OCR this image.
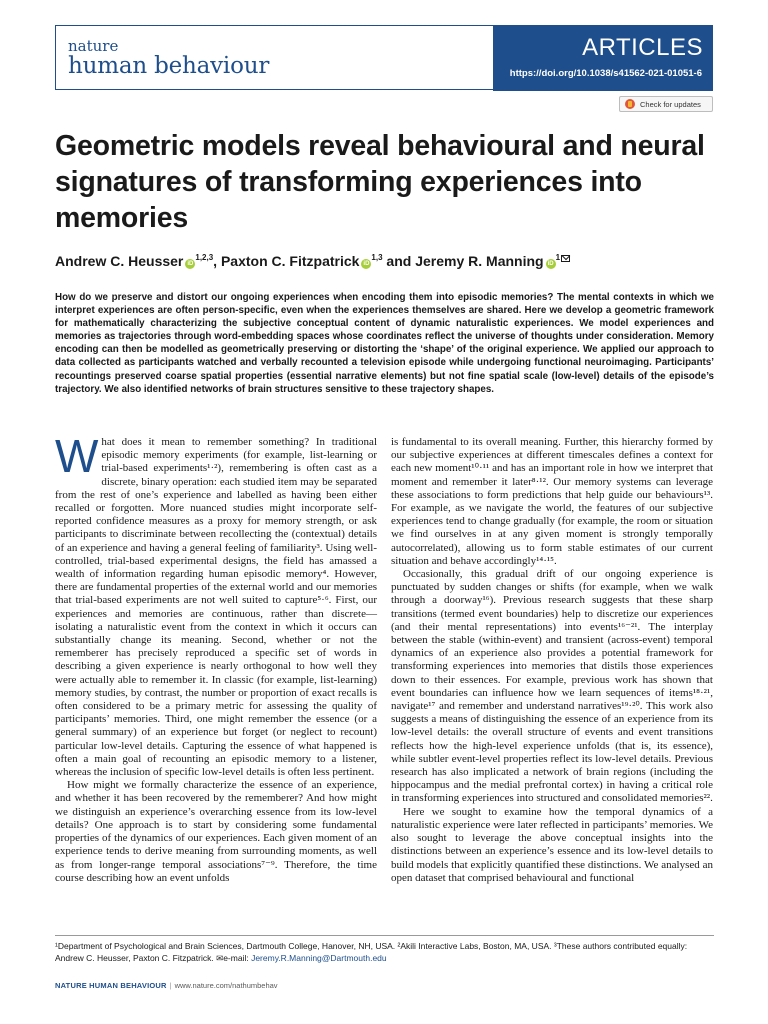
nature
human behaviour
ARTICLES
https://doi.org/10.1038/s41562-021-01051-6
Check for updates
Geometric models reveal behavioural and neural signatures of transforming experiences into memories
Andrew C. Heusser iD$^{1,2,3}$, Paxton C. Fitzpatrick iD$^{1,3}$ and Jeremy R. Manning $iD^1$

How do we preserve and distort our ongoing experiences when encoding them into episodic memories? The mental contexts in which we interpret experiences are often person-specific, even when the experiences themselves are shared. Here we develop a geometric framework for mathematically characterizing the subjective conceptual content of dynamic naturalistic experiences. We model experiences and memories as trajectories through word-embedding spaces whose coordinates reflect the universe of thoughts under consideration. Memory encoding can then be modelled as geometrically preserving or distorting the ‘shape’ of the original experience. We applied our approach to data collected as participants watched and verbally recounted a television episode while undergoing functional neuroimaging. Participants’ recountings preserved coarse spatial properties (essential narrative elements) but not fine spatial scale (low-level) details of the episode’s trajectory. We also identified networks of brain structures sensitive to these trajectory shapes.

What does it mean to remember something? In traditional episodic memory experiments (for example, list-learning or trial-based experiments¹·²), remembering is often cast as a discrete, binary operation: each studied item may be separated from the rest of one’s experience and labelled as having been either recalled or forgotten. More nuanced studies might incorporate self-reported confidence measures as a proxy for memory strength, or ask participants to discriminate between recollecting the (contextual) details of an experience and having a general feeling of familiarity³. Using well-controlled, trial-based experimental designs, the field has amassed a wealth of information regarding human episodic memory⁴. However, there are fundamental properties of the external world and our memories that trial-based experiments are not well suited to capture⁵·⁶. First, our experiences and memories are continuous, rather than discrete—isolating a naturalistic event from the context in which it occurs can substantially change its meaning. Second, whether or not the rememberer has precisely reproduced a specific set of words in describing a given experience is nearly orthogonal to how well they were actually able to remember it. In classic (for example, list-learning) memory studies, by contrast, the number or proportion of exact recalls is often considered to be a primary metric for assessing the quality of participants’ memories. Third, one might remember the essence (or a general summary) of an experience but forget (or neglect to recount) particular low-level details. Capturing the essence of what happened is often a main goal of recounting an episodic memory to a listener, whereas the inclusion of specific low-level details is often less pertinent.

How might we formally characterize the essence of an experience, and whether it has been recovered by the rememberer? And how might we distinguish an experience’s overarching essence from its low-level details? One approach is to start by considering some fundamental properties of the dynamics of our experiences. Each given moment of an experience tends to derive meaning from surrounding moments, as well as from longer-range temporal associations⁷⁻⁹. Therefore, the time course describing how an event unfolds

is fundamental to its overall meaning. Further, this hierarchy formed by our subjective experiences at different timescales defines a context for each new moment¹⁰·¹¹ and has an important role in how we interpret that moment and remember it later⁸·¹². Our memory systems can leverage these associations to form predictions that help guide our behaviours¹³. For example, as we navigate the world, the features of our subjective experiences tend to change gradually (for example, the room or situation we find ourselves in at any given moment is strongly temporally autocorrelated), allowing us to form stable estimates of our current situation and behave accordingly¹⁴·¹⁵.

Occasionally, this gradual drift of our ongoing experience is punctuated by sudden changes or shifts (for example, when we walk through a doorway¹⁶). Previous research suggests that these sharp transitions (termed event boundaries) help to discretize our experiences (and their mental representations) into events¹⁶⁻²¹. The interplay between the stable (within-event) and transient (across-event) temporal dynamics of an experience also provides a potential framework for transforming experiences into memories that distils those experiences down to their essences. For example, previous work has shown that event boundaries can influence how we learn sequences of items¹⁸·²¹, navigate¹⁷ and remember and understand narratives¹⁹·²⁰. This work also suggests a means of distinguishing the essence of an experience from its low-level details: the overall structure of events and event transitions reflects how the high-level experience unfolds (that is, its essence), while subtler event-level properties reflect its low-level details. Previous research has also implicated a network of brain regions (including the hippocampus and the medial prefrontal cortex) in having a critical role in transforming experiences into structured and consolidated memories²².

Here we sought to examine how the temporal dynamics of a naturalistic experience were later reflected in participants’ memories. We also sought to leverage the above conceptual insights into the distinctions between an experience’s essence and its low-level details to build models that explicitly quantified these distinctions. We analysed an open dataset that comprised behavioural and functional

¹Department of Psychological and Brain Sciences, Dartmouth College, Hanover, NH, USA. ²Akili Interactive Labs, Boston, MA, USA. ³These authors contributed equally: Andrew C. Heusser, Paxton C. Fitzpatrick. ✉e-mail: Jeremy.R.Manning@Dartmouth.edu
NATURE HUMAN BEHAVIOUR | www.nature.com/nathumbehav
